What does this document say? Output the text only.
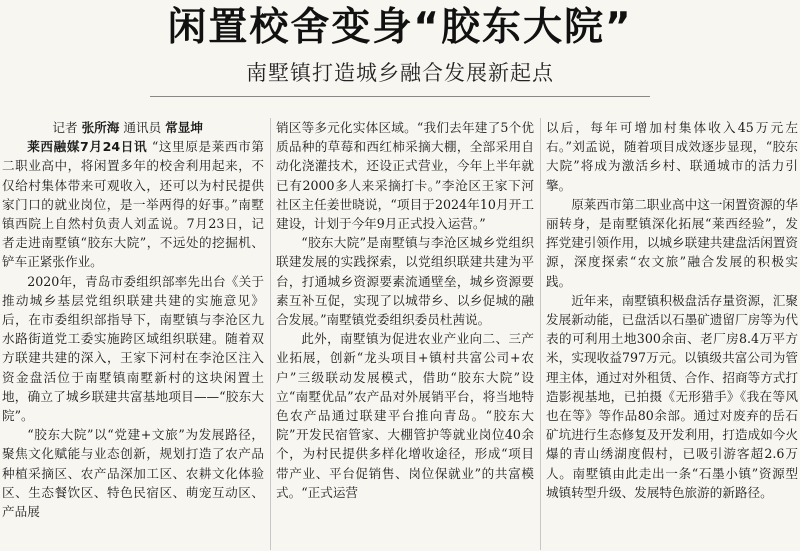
闲置校舍变身“胶东大院”
南墅镇打造城乡融合发展新起点

记者 张所海 通讯员 常显坤

莱西融媒7月24日讯 “这里原是莱西市第二职业高中，将闲置多年的校舍利用起来，不仅给村集体带来可观收入，还可以为村民提供家门口的就业岗位，是一举两得的好事。”南墅镇西院上自然村负责人刘孟说。7月23日，记者走进南墅镇“胶东大院”，不远处的挖掘机、铲车正紧张作业。

2020年，青岛市委组织部率先出台《关于推动城乡基层党组织联建共建的实施意见》后，在市委组织部指导下，南墅镇与李沧区九水路街道党工委实施跨区域组织联建。随着双方联建共建的深入，王家下河村在李沧区注入资金盘活位于南墅镇南墅新村的这块闲置土地，确立了城乡联建共富基地项目——“胶东大院”。

“胶东大院”以“党建+文旅”为发展路径，聚焦文化赋能与业态创新，规划打造了农产品种植采摘区、农产品深加工区、农耕文化体验区、生态餐饮区、特色民宿区、萌宠互动区、产品展

销区等多元化实体区域。“我们去年建了5个优质品种的草莓和西红柿采摘大棚，全部采用自动化浇灌技术，还设正式营业，今年上半年就已有2000多人来采摘打卡。”李沧区王家下河社区主任姜世晓说，“项目于2024年10月开工建设，计划于今年9月正式投入运营。”

“胶东大院”是南墅镇与李沧区城乡党组织联建发展的实践探索，以党组织联建共建为平台，打通城乡资源要素流通壁垒，城乡资源要素互补互促，实现了以城带乡、以乡促城的融合发展。”南墅镇党委组织委员杜茜说。

此外，南墅镇为促进农业产业向二、三产业拓展，创新“龙头项目+镇村共富公司+农户”三级联动发展模式，借助“胶东大院”设立“南墅优品”农产品对外展销平台，将当地特色农产品通过联建平台推向青岛。“胶东大院”开发民宿管家、大棚管护等就业岗位40余个，为村民提供多样化增收途径，形成“项目带产业、平台促销售、岗位保就业”的共富模式。“正式运营

以后，每年可增加村集体收入45万元左右。”刘孟说，随着项目成效逐步显现，“胶东大院”将成为激活乡村、联通城市的活力引擎。

原莱西市第二职业高中这一闲置资源的华丽转身，是南墅镇深化拓展“莱西经验”，发挥党建引领作用，以城乡联建共建盘活闲置资源，深度探索“农文旅”融合发展的积极实践。

近年来，南墅镇积极盘活存量资源，汇聚发展新动能，已盘活以石墨矿遗留厂房等为代表的可利用土地300余亩、老厂房8.4万平方米，实现收益797万元。以镇级共富公司为管理主体，通过对外租赁、合作、招商等方式打造影视基地，已拍摄《无形猎手》《我在等风也在等》等作品80余部。通过对废弃的岳石矿坑进行生态修复及开发利用，打造成如今火爆的青山绣湖度假村，已吸引游客超2.6万人。南墅镇由此走出一条“石墨小镇”资源型城镇转型升级、发展特色旅游的新路径。
